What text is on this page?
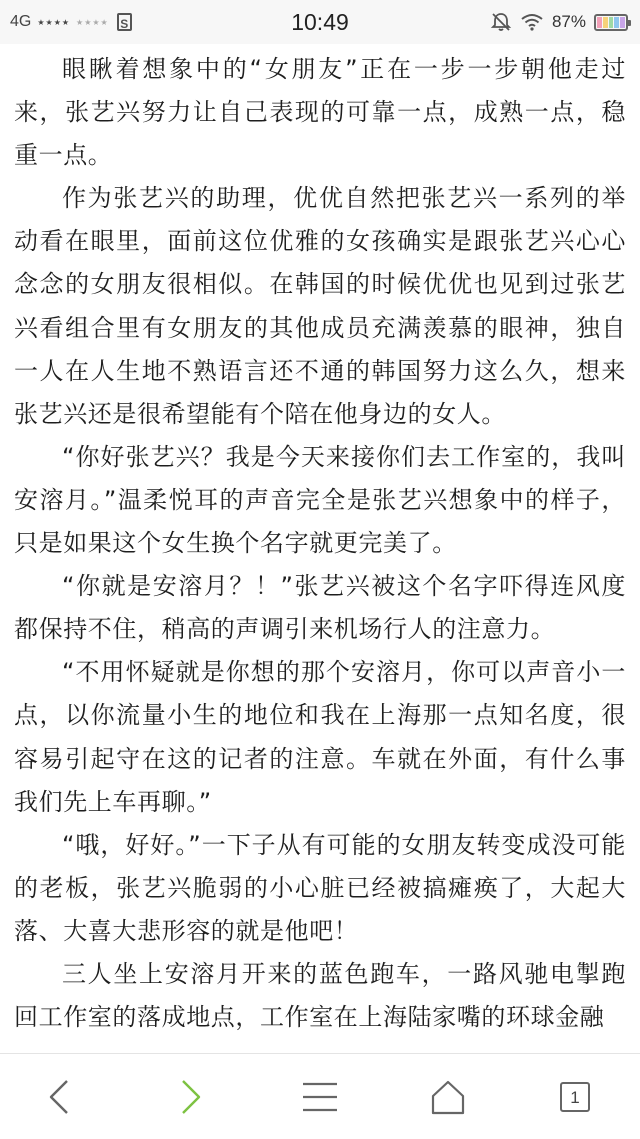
4G ★★★★ ★★★★ S	10:49	87%

眼瞅着想象中的“女朋友”正在一步一步朝他走过来，张艺兴努力让自己表现的可靠一点，成熟一点，稳重一点。

作为张艺兴的助理，优优自然把张艺兴一系列的举动看在眼里，面前这位优雅的女孩确实是跟张艺兴心心念念的女朋友很相似。在韩国的时候优优也见到过张艺兴看组合里有女朋友的其他成员充满羡慕的眼神，独自一人在人生地不熟语言还不通的韩国努力这么久，想来张艺兴还是很希望能有个陪在他身边的女人。

“你好张艺兴？我是今天来接你们去工作室的，我叫安溶月。”温柔悦耳的声音完全是张艺兴想象中的样子，只是如果这个女生换个名字就更完美了。

“你就是安溶月？！”张艺兴被这个名字吓得连风度都保持不住，稍高的声调引来机场行人的注意力。

“不用怀疑就是你想的那个安溶月，你可以声音小一点，以你流量小生的地位和我在上海那一点知名度，很容易引起守在这的记者的注意。车就在外面，有什么事我们先上车再聊。”

“哦，好好。”一下子从有可能的女朋友转变成没可能的老板，张艺兴脆弱的小心脏已经被搞瘫痪了，大起大落、大喜大悲形容的就是他吧！

三人坐上安溶月开来的蓝色跑车，一路风驰电掣跑回工作室的落成地点，工作室在上海陆家嘴的环球金融

1
